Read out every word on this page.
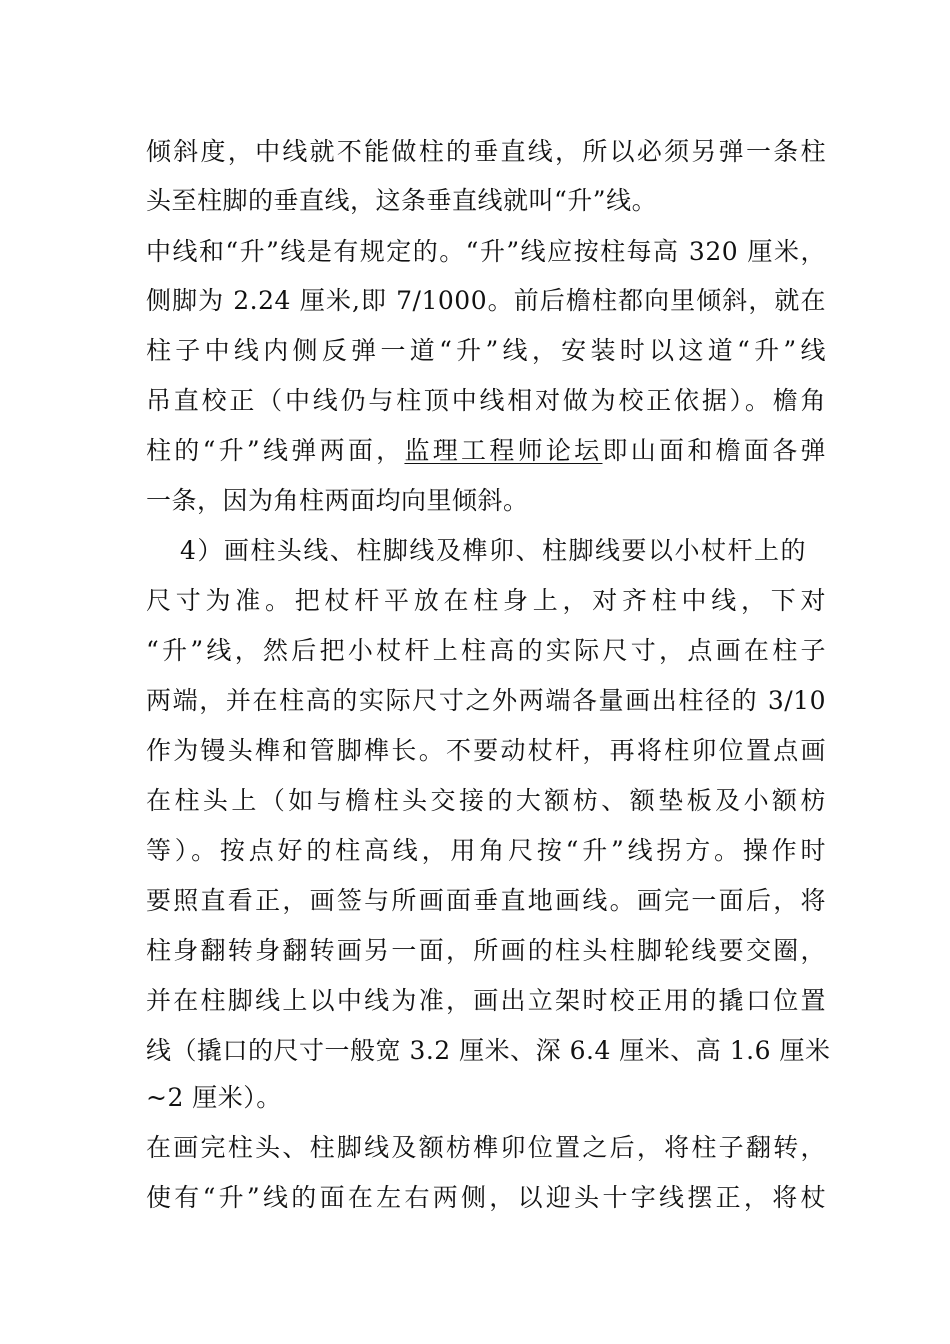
倾斜度，中线就不能做柱的垂直线，所以必须另弹一条柱
头至柱脚的垂直线，这条垂直线就叫“升”线。
中线和“升”线是有规定的。“升”线应按柱每高 320 厘米，
侧脚为 2.24 厘米,即 7/1000。前后檐柱都向里倾斜，就在
柱子中线内侧反弹一道“升”线，安装时以这道“升”线
吊直校正（中线仍与柱顶中线相对做为校正依据）。檐角
柱的“升”线弹两面，监理工程师论坛即山面和檐面各弹
一条，因为角柱两面均向里倾斜。
4）画柱头线、柱脚线及榫卯、柱脚线要以小杖杆上的
尺寸为准。把杖杆平放在柱身上，对齐柱中线，下对
“升”线，然后把小杖杆上柱高的实际尺寸，点画在柱子
两端，并在柱高的实际尺寸之外两端各量画出柱径的 3/10
作为镘头榫和管脚榫长。不要动杖杆，再将柱卯位置点画
在柱头上（如与檐柱头交接的大额枋、额垫板及小额枋
等）。按点好的柱高线，用角尺按“升”线拐方。操作时
要照直看正，画签与所画面垂直地画线。画完一面后，将
柱身翻转身翻转画另一面，所画的柱头柱脚轮线要交圈，
并在柱脚线上以中线为准，画出立架时校正用的撬口位置
线（撬口的尺寸一般宽 3.2 厘米、深 6.4 厘米、高 1.6 厘米
~2 厘米）。
在画完柱头、柱脚线及额枋榫卯位置之后，将柱子翻转，
使有“升”线的面在左右两侧，以迎头十字线摆正，将杖
